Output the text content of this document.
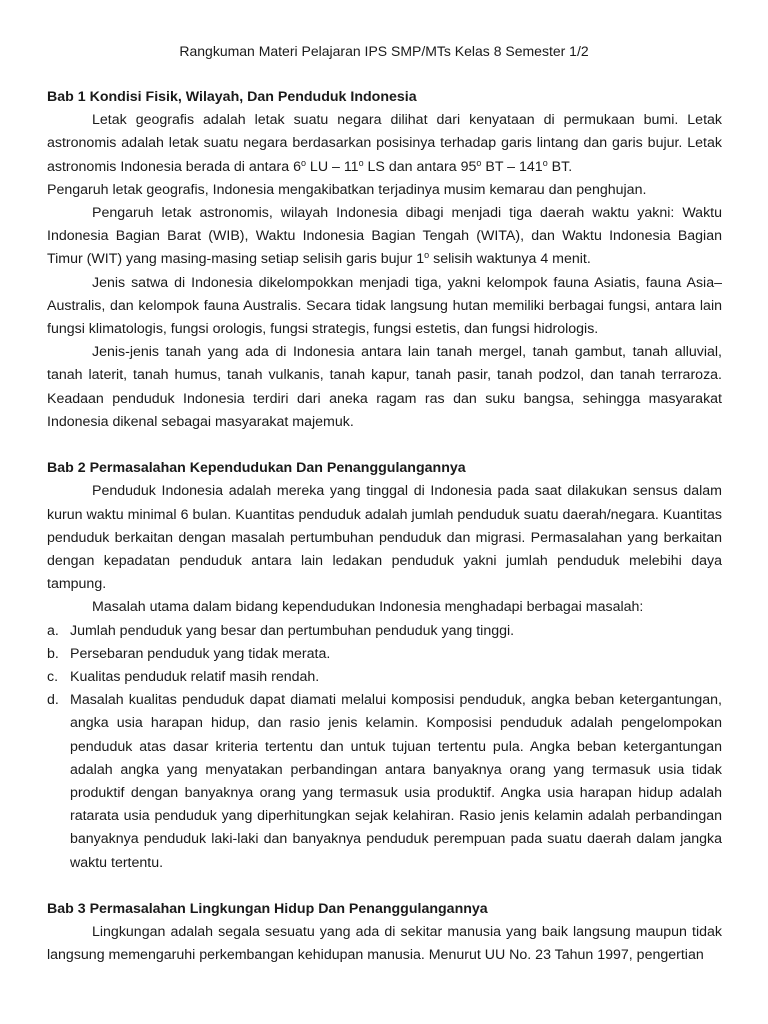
Rangkuman Materi Pelajaran IPS SMP/MTs Kelas 8 Semester 1/2

Bab 1 Kondisi Fisik, Wilayah, Dan Penduduk Indonesia

Letak geografis adalah letak suatu negara dilihat dari kenyataan di permukaan bumi. Letak astronomis adalah letak suatu negara berdasarkan posisinya terhadap garis lintang dan garis bujur. Letak astronomis Indonesia berada di antara 6$^o$ LU – 11$^o$ LS dan antara 95$^o$ BT – 141$^o$ BT.

Pengaruh letak geografis, Indonesia mengakibatkan terjadinya musim kemarau dan penghujan.

Pengaruh letak astronomis, wilayah Indonesia dibagi menjadi tiga daerah waktu yakni: Waktu Indonesia Bagian Barat (WIB), Waktu Indonesia Bagian Tengah (WITA), dan Waktu Indonesia Bagian Timur (WIT) yang masing-masing setiap selisih garis bujur 1$^o$ selisih waktunya 4 menit.

Jenis satwa di Indonesia dikelompokkan menjadi tiga, yakni kelompok fauna Asiatis, fauna Asia–Australis, dan kelompok fauna Australis. Secara tidak langsung hutan memiliki berbagai fungsi, antara lain fungsi klimatologis, fungsi orologis, fungsi strategis, fungsi estetis, dan fungsi hidrologis.

Jenis-jenis tanah yang ada di Indonesia antara lain tanah mergel, tanah gambut, tanah alluvial, tanah laterit, tanah humus, tanah vulkanis, tanah kapur, tanah pasir, tanah podzol, dan tanah terraroza. Keadaan penduduk Indonesia terdiri dari aneka ragam ras dan suku bangsa, sehingga masyarakat Indonesia dikenal sebagai masyarakat majemuk.

Bab 2 Permasalahan Kependudukan Dan Penanggulangannya

Penduduk Indonesia adalah mereka yang tinggal di Indonesia pada saat dilakukan sensus dalam kurun waktu minimal 6 bulan. Kuantitas penduduk adalah jumlah penduduk suatu daerah/negara. Kuantitas penduduk berkaitan dengan masalah pertumbuhan penduduk dan migrasi. Permasalahan yang berkaitan dengan kepadatan penduduk antara lain ledakan penduduk yakni jumlah penduduk melebihi daya tampung.

Masalah utama dalam bidang kependudukan Indonesia menghadapi berbagai masalah:

a. Jumlah penduduk yang besar dan pertumbuhan penduduk yang tinggi.
b. Persebaran penduduk yang tidak merata.
c. Kualitas penduduk relatif masih rendah.
d. Masalah kualitas penduduk dapat diamati melalui komposisi penduduk, angka beban ketergantungan, angka usia harapan hidup, dan rasio jenis kelamin. Komposisi penduduk adalah pengelompokan penduduk atas dasar kriteria tertentu dan untuk tujuan tertentu pula. Angka beban ketergantungan adalah angka yang menyatakan perbandingan antara banyaknya orang yang termasuk usia tidak produktif dengan banyaknya orang yang termasuk usia produktif. Angka usia harapan hidup adalah ratarata usia penduduk yang diperhitungkan sejak kelahiran. Rasio jenis kelamin adalah perbandingan banyaknya penduduk laki-laki dan banyaknya penduduk perempuan pada suatu daerah dalam jangka waktu tertentu.

Bab 3 Permasalahan Lingkungan Hidup Dan Penanggulangannya

Lingkungan adalah segala sesuatu yang ada di sekitar manusia yang baik langsung maupun tidak langsung memengaruhi perkembangan kehidupan manusia. Menurut UU No. 23 Tahun 1997, pengertian
